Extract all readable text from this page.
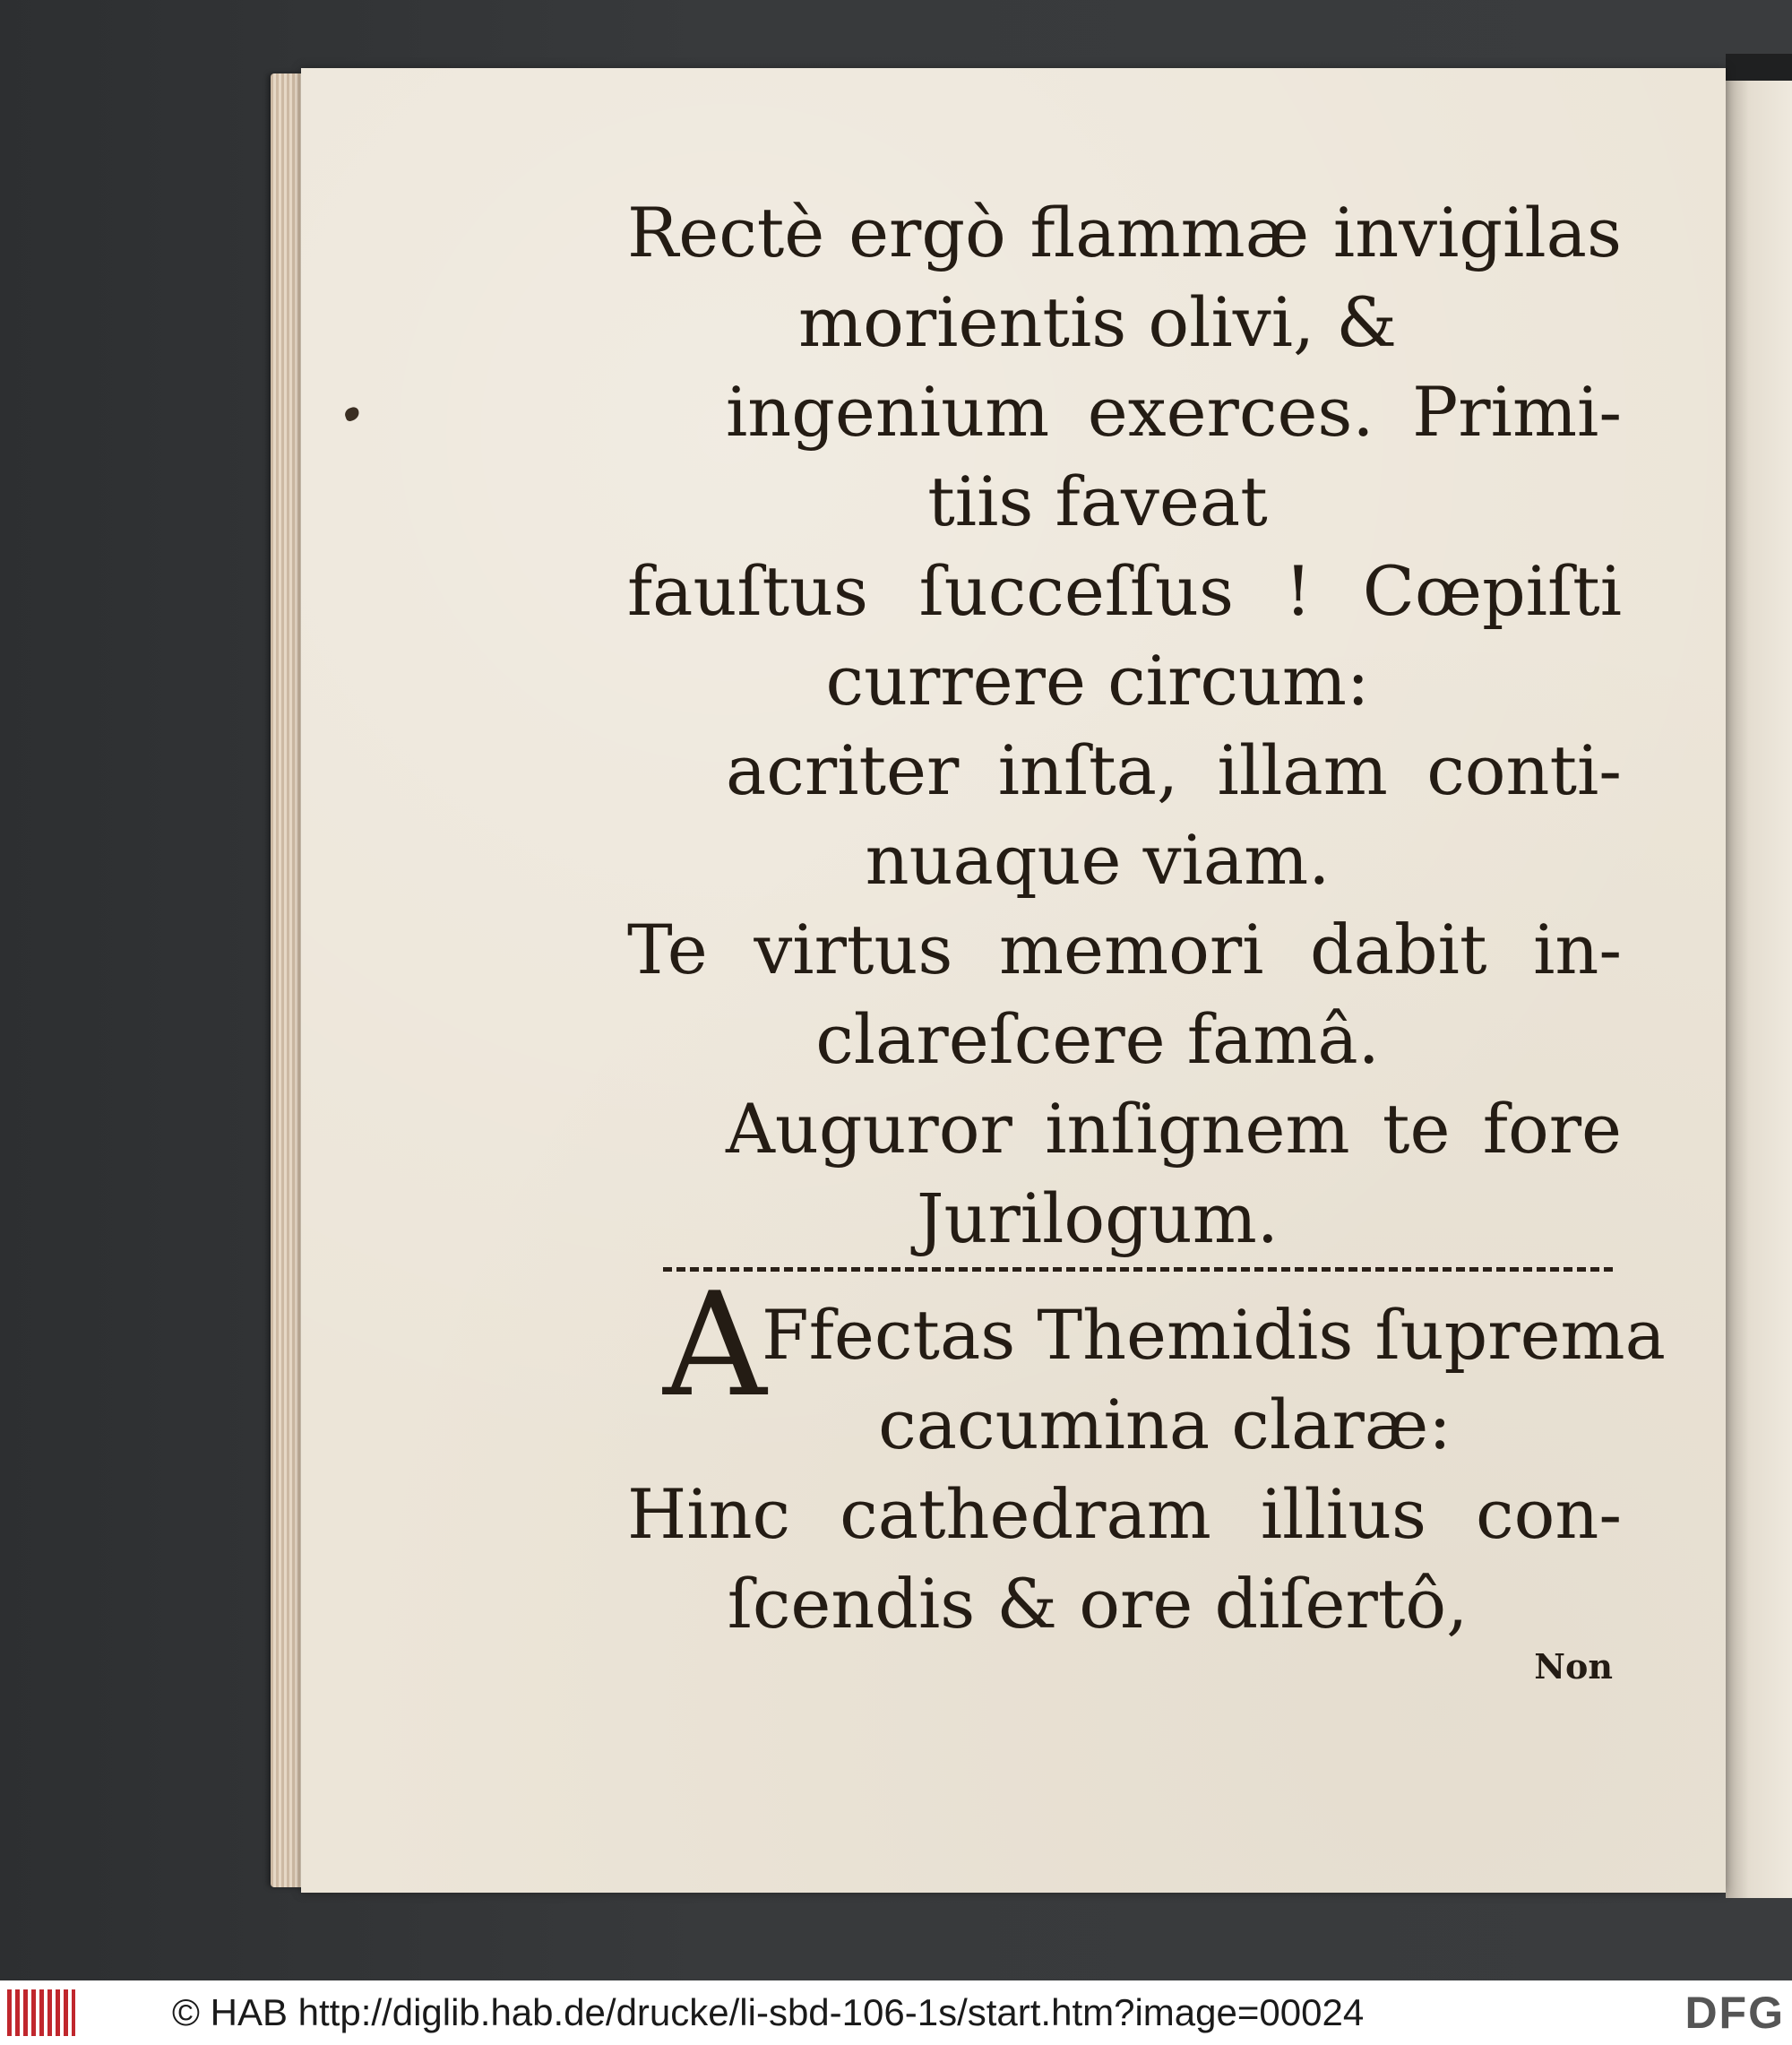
Rectè ergò flammæ invigilas
morientis olivi, &
ingenium exerces. Primi-
tiis faveat
fauſtus ſucceſſus ! Cœpiſti
currere circum:
acriter inſta, illam conti-
nuaque viam.
Te virtus memori dabit in-
clareſcere famâ.
Auguror inſignem te fore
Jurilogum.
Ffectas Themidis ſuprema
cacumina claræ:
Hinc cathedram illius con-
ſcendis & ore diſertô,
A
Non
© HAB http://diglib.hab.de/drucke/li-sbd-106-1s/start.htm?image=00024	DFG
